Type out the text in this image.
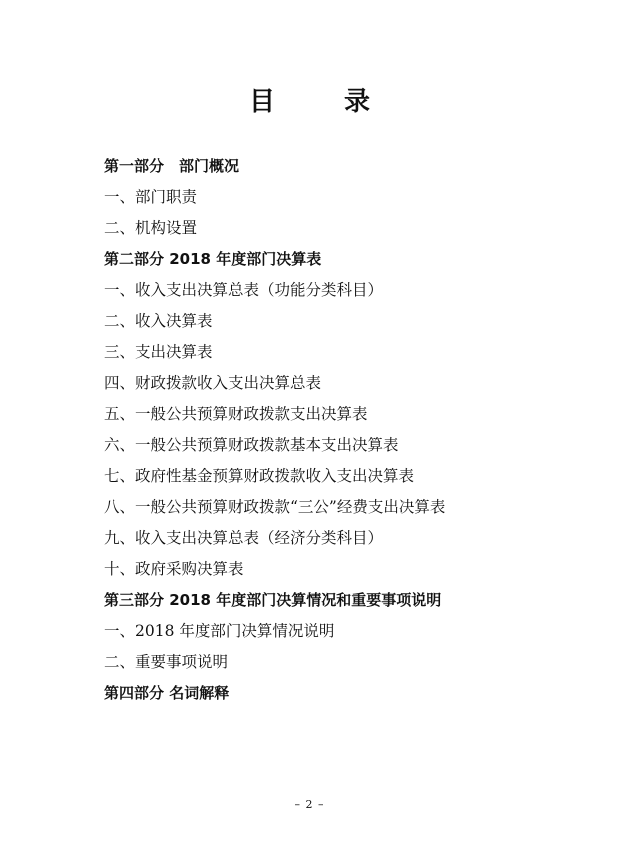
目 录
第一部分　部门概况
一、部门职责
二、机构设置
第二部分 2018 年度部门决算表
一、收入支出决算总表（功能分类科目）
二、收入决算表
三、支出决算表
四、财政拨款收入支出决算总表
五、一般公共预算财政拨款支出决算表
六、一般公共预算财政拨款基本支出决算表
七、政府性基金预算财政拨款收入支出决算表
八、一般公共预算财政拨款“三公”经费支出决算表
九、收入支出决算总表（经济分类科目）
十、政府采购决算表
第三部分 2018 年度部门决算情况和重要事项说明
一、2018 年度部门决算情况说明
二、重要事项说明
第四部分 名词解释
– 2 –
